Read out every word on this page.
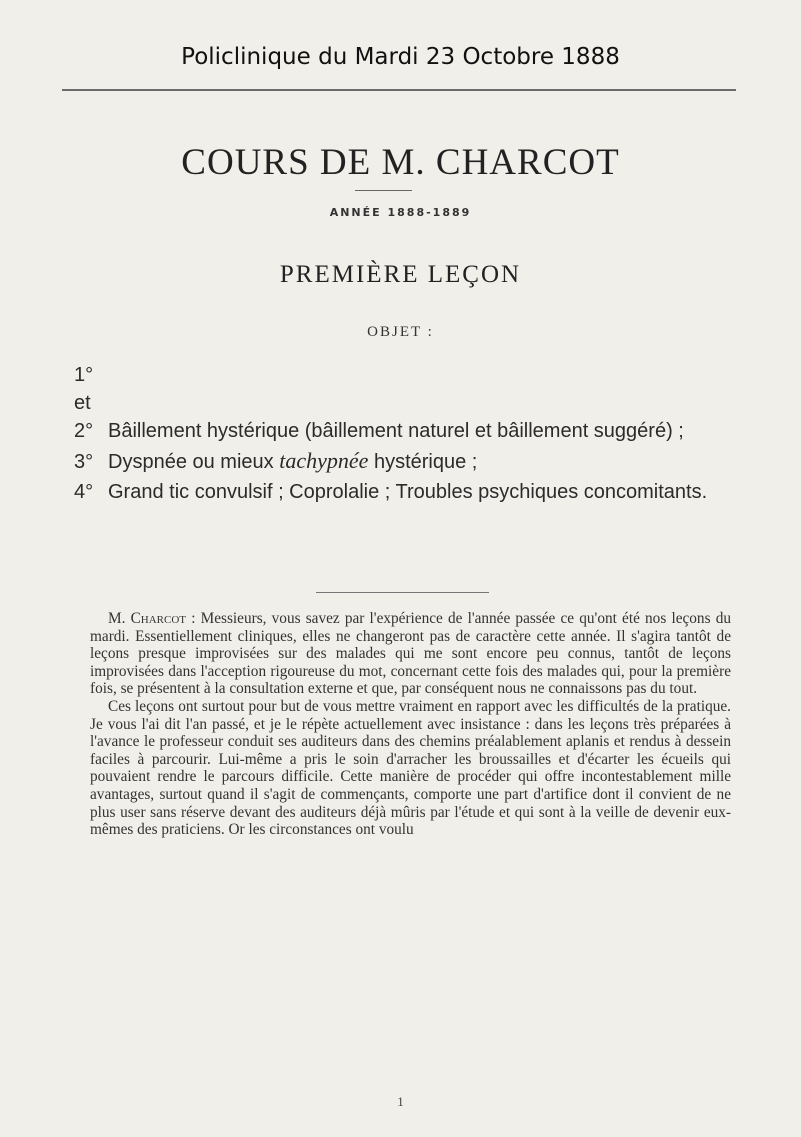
Policlinique du Mardi 23 Octobre 1888
COURS DE M. CHARCOT
ANNÉE 1888-1889
PREMIÈRE LEÇON
OBJET :
1° et 2° Bâillement hystérique (bâillement naturel et bâillement suggéré) ;
3° Dyspnée ou mieux tachypnée hystérique ;
4° Grand tic convulsif ; Coprolalie ; Troubles psychiques concomitants.

M. Charcot : Messieurs, vous savez par l'expérience de l'année passée ce qu'ont été nos leçons du mardi. Essentiellement cliniques, elles ne changeront pas de caractère cette année. Il s'agira tantôt de leçons presque improvisées sur des malades qui me sont encore peu connus, tantôt de leçons improvisées dans l'acception rigoureuse du mot, concernant cette fois des malades qui, pour la première fois, se présentent à la consultation externe et que, par conséquent nous ne connaissons pas du tout.

Ces leçons ont surtout pour but de vous mettre vraiment en rapport avec les difficultés de la pratique. Je vous l'ai dit l'an passé, et je le répète actuellement avec insistance : dans les leçons très préparées à l'avance le professeur conduit ses auditeurs dans des chemins préalablement aplanis et rendus à dessein faciles à parcourir. Lui-même a pris le soin d'arracher les broussailles et d'écarter les écueils qui pouvaient rendre le parcours difficile. Cette manière de procéder qui offre incontestablement mille avantages, surtout quand il s'agit de commençants, comporte une part d'artifice dont il convient de ne plus user sans réserve devant des auditeurs déjà mûris par l'étude et qui sont à la veille de devenir eux-mêmes des praticiens. Or les circonstances ont voulu

1
